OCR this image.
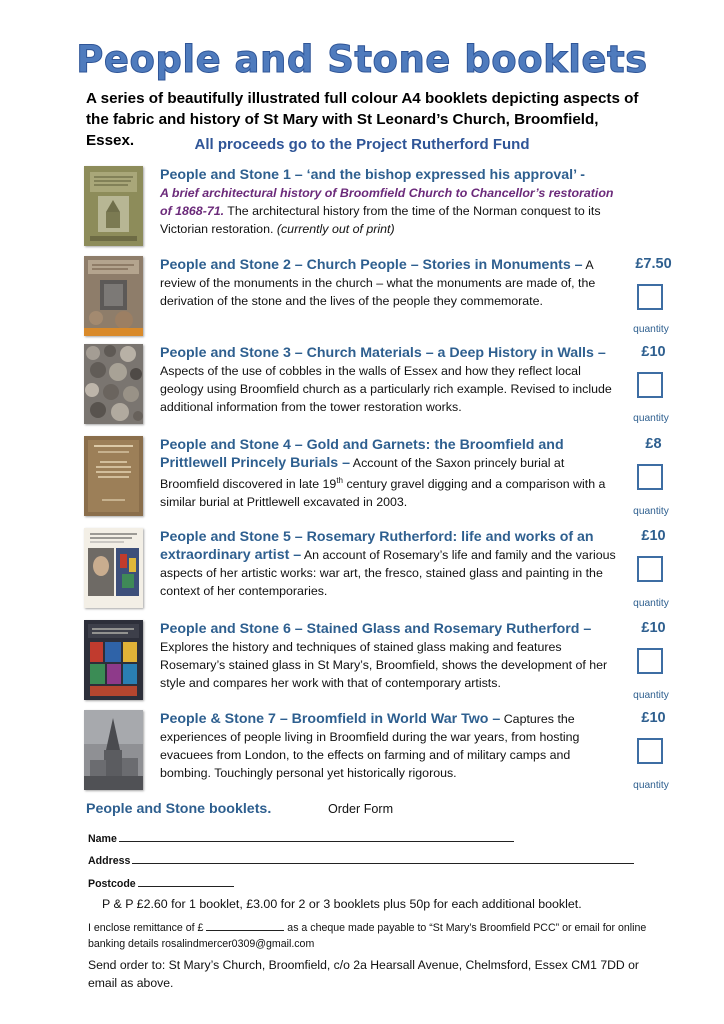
People and Stone booklets
A series of beautifully illustrated full colour A4 booklets depicting aspects of the fabric and history of St Mary with St Leonard’s Church, Broomfield, Essex.	All proceeds go to the Project Rutherford Fund
People and Stone 1 – ‘and the bishop expressed his approval’ -
A brief architectural history of Broomfield Church to Chancellor’s restoration of 1868-71. The architectural history from the time of the Norman conquest to its Victorian restoration. (currently out of print)
People and Stone 2 – Church People – Stories in Monuments – A review of the monuments in the church – what the monuments are made of, the derivation of the stone and the lives of the people they commemorate.
£7.50
quantity
People and Stone 3 – Church Materials – a Deep History in Walls – Aspects of the use of cobbles in the walls of Essex and how they reflect local geology using Broomfield church as a particularly rich example. Revised to include additional information from the tower restoration works.
£10
quantity
People and Stone 4 – Gold and Garnets: the Broomfield and Prittlewell Princely Burials – Account of the Saxon princely burial at Broomfield discovered in late 19th century gravel digging and a comparison with a similar burial at Prittlewell excavated in 2003.
£8
quantity
People and Stone 5 – Rosemary Rutherford: life and works of an extraordinary artist – An account of Rosemary’s life and family and the various aspects of her artistic works: war art, the fresco, stained glass and painting in the context of her contemporaries.
£10
quantity
People and Stone 6 – Stained Glass and Rosemary Rutherford – Explores the history and techniques of stained glass making and features Rosemary’s stained glass in St Mary’s, Broomfield, shows the development of her style and compares her work with that of contemporary artists.
£10
quantity
People & Stone 7 – Broomfield in World War Two – Captures the experiences of people living in Broomfield during the war years, from hosting evacuees from London, to the effects on farming and of military camps and bombing. Touchingly personal yet historically rigorous.
£10
quantity
People and Stone booklets.	Order Form
Name
Address
Postcode
P & P £2.60 for 1 booklet, £3.00 for 2 or 3 booklets plus 50p for each additional booklet.
I enclose remittance of £	as a cheque made payable to “St Mary’s Broomfield PCC” or email for online banking details rosalindmercer0309@gmail.com
Send order to: St Mary’s Church, Broomfield, c/o 2a Hearsall Avenue, Chelmsford, Essex CM1 7DD or email as above.
